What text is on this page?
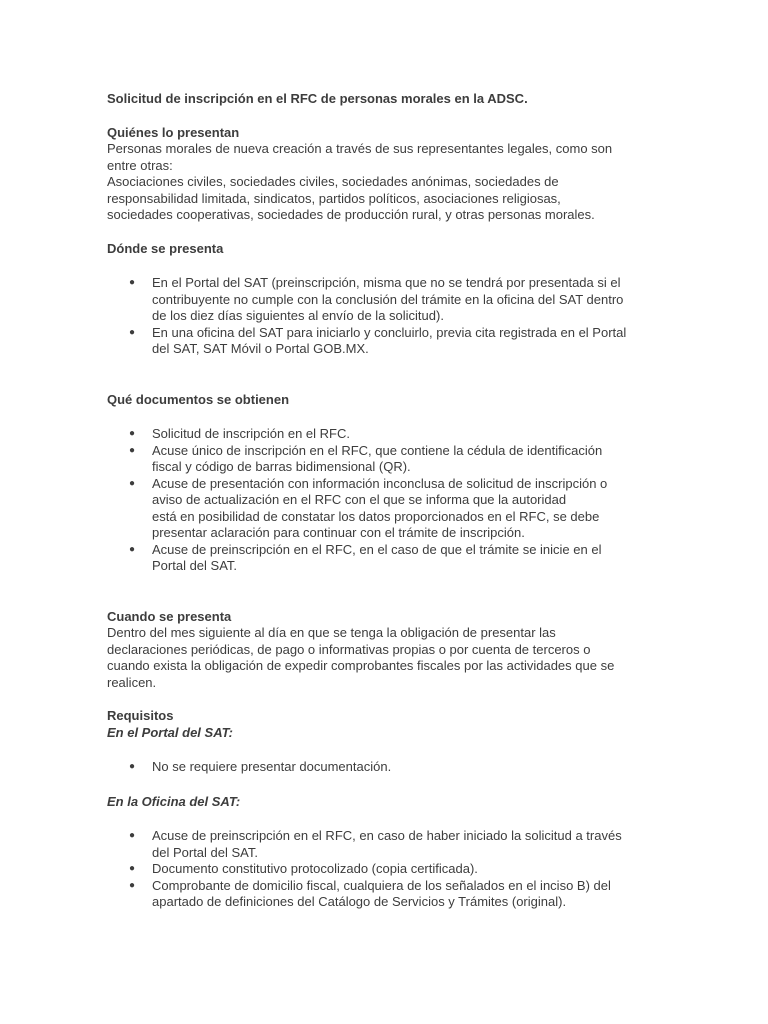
Solicitud de inscripción en el RFC de personas morales en la ADSC.

Quiénes lo presentan

Personas morales de nueva creación a través de sus representantes legales, como son
entre otras:
Asociaciones civiles, sociedades civiles, sociedades anónimas, sociedades de
responsabilidad limitada, sindicatos, partidos políticos, asociaciones religiosas,
sociedades cooperativas, sociedades de producción rural, y otras personas morales.

Dónde se presenta

● En el Portal del SAT (preinscripción, misma que no se tendrá por presentada si el
contribuyente no cumple con la conclusión del trámite en la oficina del SAT dentro
de los diez días siguientes al envío de la solicitud).
● En una oficina del SAT para iniciarlo y concluirlo, previa cita registrada en el Portal
del SAT, SAT Móvil o Portal GOB.MX.

Qué documentos se obtienen

● Solicitud de inscripción en el RFC.
● Acuse único de inscripción en el RFC, que contiene la cédula de identificación
fiscal y código de barras bidimensional (QR).
● Acuse de presentación con información inconclusa de solicitud de inscripción o
aviso de actualización en el RFC con el que se informa que la autoridad
está en posibilidad de constatar los datos proporcionados en el RFC, se debe
presentar aclaración para continuar con el trámite de inscripción.
● Acuse de preinscripción en el RFC, en el caso de que el trámite se inicie en el
Portal del SAT.

Cuando se presenta

Dentro del mes siguiente al día en que se tenga la obligación de presentar las
declaraciones periódicas, de pago o informativas propias o por cuenta de terceros o
cuando exista la obligación de expedir comprobantes fiscales por las actividades que se
realicen.

Requisitos

En el Portal del SAT:

● No se requiere presentar documentación.

En la Oficina del SAT:

● Acuse de preinscripción en el RFC, en caso de haber iniciado la solicitud a través
del Portal del SAT.
● Documento constitutivo protocolizado (copia certificada).
● Comprobante de domicilio fiscal, cualquiera de los señalados en el inciso B) del
apartado de definiciones del Catálogo de Servicios y Trámites (original).
